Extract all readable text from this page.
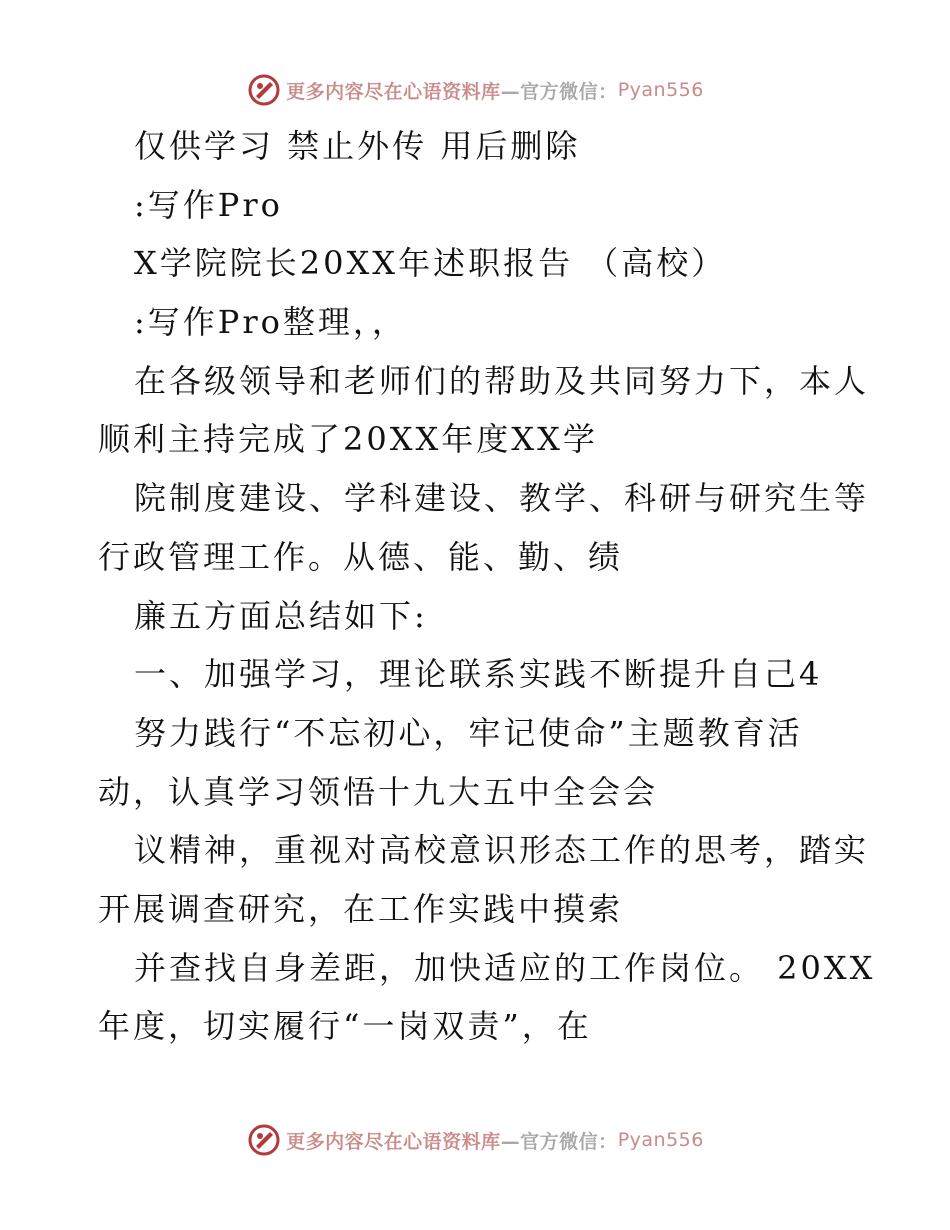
更多内容尽在心语资料库 —官方微信： Pyan556
仅供学习 禁止外传 用后删除
:写作Pro
X学院院长20XX年述职报告 （高校）
:写作Pro整理，，
在各级领导和老师们的帮助及共同努力下，本人
顺利主持完成了20XX年度XX学
院制度建设、学科建设、教学、科研与研究生等
行政管理工作。从德、能、勤、绩
廉五方面总结如下:
一、加强学习，理论联系实践不断提升自己4
努力践行“不忘初心，牢记使命”主题教育活
动，认真学习领悟十九大五中全会会
议精神，重视对高校意识形态工作的思考，踏实
开展调查研究，在工作实践中摸索
并查找自身差距，加快适应的工作岗位。 20XX
年度，切实履行“一岗双责”，在
更多内容尽在心语资料库 —官方微信： Pyan556
